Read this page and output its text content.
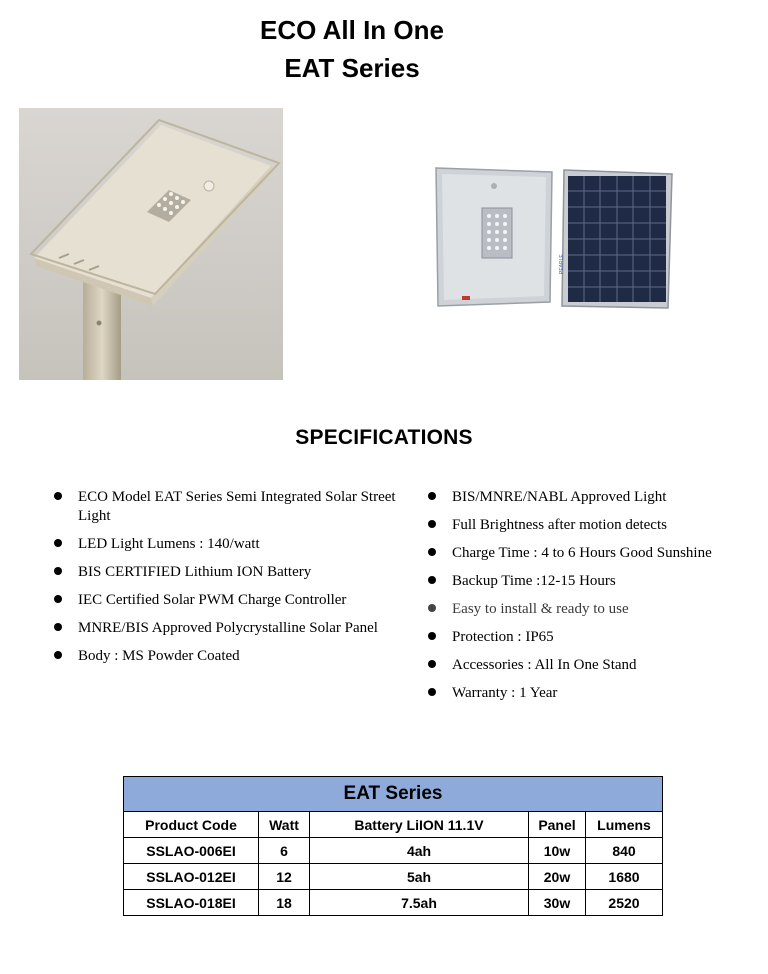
ECO All In One
EAT Series
PEARLE
SPECIFICATIONS
ECO Model EAT Series Semi Integrated Solar Street Light
LED Light Lumens : 140/watt
BIS CERTIFIED Lithium ION Battery
IEC Certified Solar PWM Charge Controller
MNRE/BIS Approved Polycrystalline Solar Panel
Body : MS Powder Coated
BIS/MNRE/NABL Approved Light
Full Brightness after motion detects
Charge Time : 4 to 6 Hours Good Sunshine
Backup Time :12-15 Hours
Easy to install & ready to use
Protection : IP65
Accessories : All In One Stand
Warranty : 1 Year
EAT Series				
Product Code	Watt	Battery LiION 11.1V	Panel	Lumens
SSLAO-006EI	6	4ah	10w	840
SSLAO-012EI	12	5ah	20w	1680
SSLAO-018EI	18	7.5ah	30w	2520
